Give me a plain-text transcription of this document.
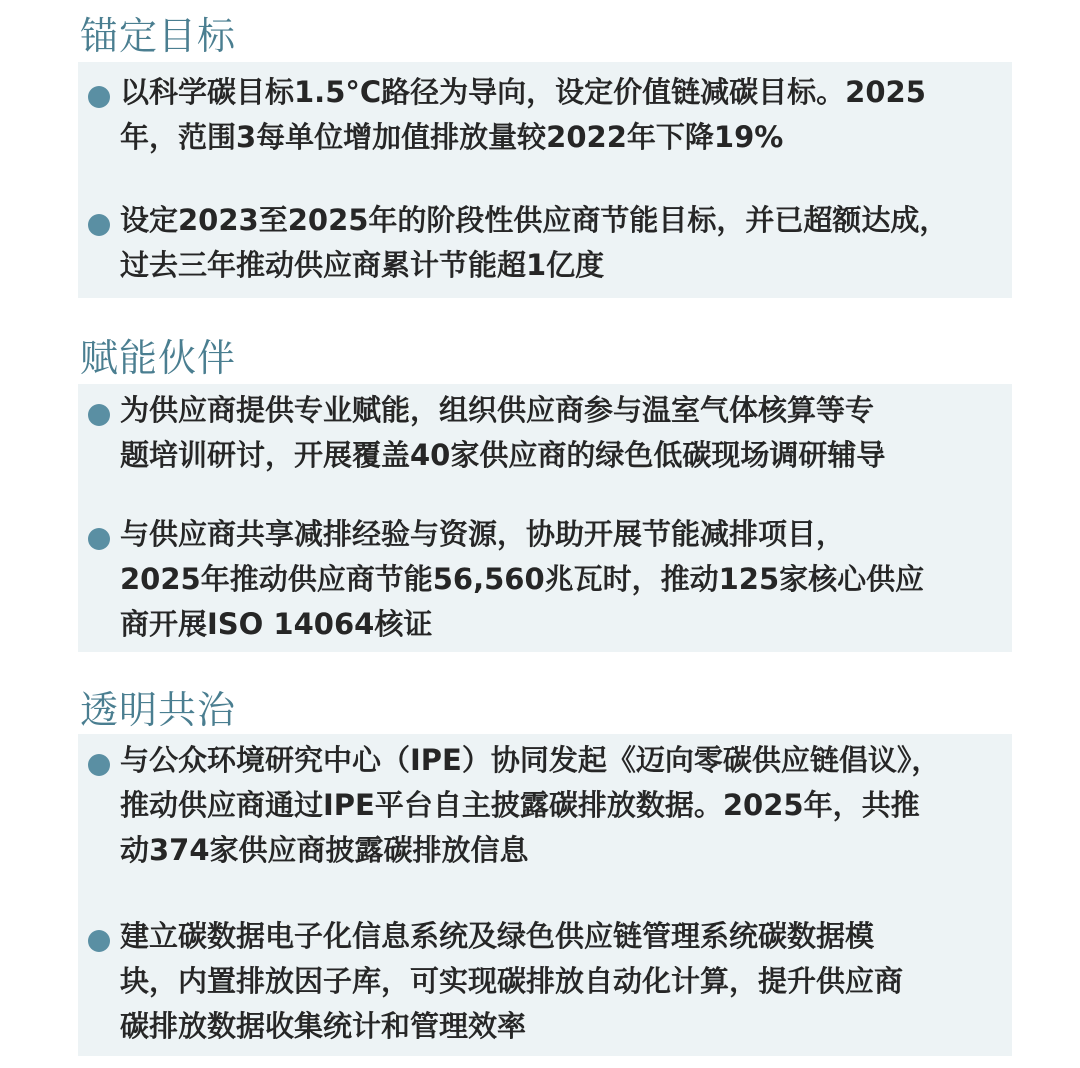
锚定目标

以科学碳目标1.5°C路径为导向，设定价值链减碳目标。2025
年，范围3每单位增加值排放量较2022年下降19%

设定2023至2025年的阶段性供应商节能目标，并已超额达成，
过去三年推动供应商累计节能超1亿度

赋能伙伴

为供应商提供专业赋能，组织供应商参与温室气体核算等专
题培训研讨，开展覆盖40家供应商的绿色低碳现场调研辅导

与供应商共享减排经验与资源，协助开展节能减排项目，
2025年推动供应商节能56,560兆瓦时，推动125家核心供应
商开展ISO 14064核证

透明共治

与公众环境研究中心（IPE）协同发起《迈向零碳供应链倡议》，
推动供应商通过IPE平台自主披露碳排放数据。2025年，共推
动374家供应商披露碳排放信息

建立碳数据电子化信息系统及绿色供应链管理系统碳数据模
块，内置排放因子库，可实现碳排放自动化计算，提升供应商
碳排放数据收集统计和管理效率
